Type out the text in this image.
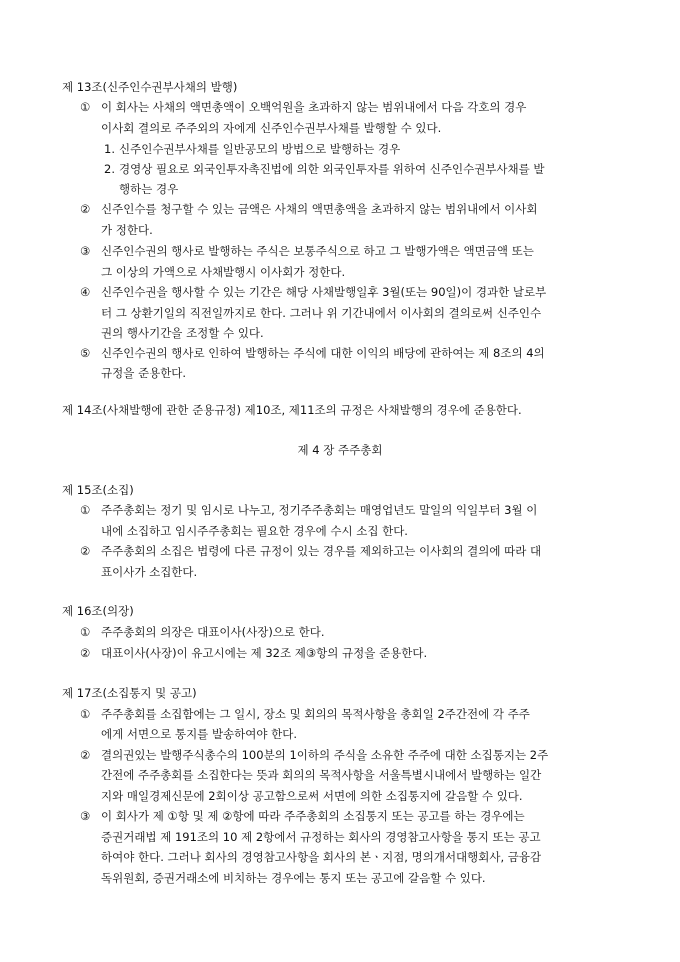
제 13조(신주인수권부사채의 발행)
① 이 회사는 사채의 액면총액이 오백억원을 초과하지 않는 범위내에서 다음 각호의 경우
이사회 결의로 주주외의 자에게 신주인수권부사채를 발행할 수 있다.
1. 신주인수권부사채를 일반공모의 방법으로 발행하는 경우
2. 경영상 필요로 외국인투자촉진법에 의한 외국인투자를 위하여 신주인수권부사채를 발
행하는 경우
② 신주인수를 청구할 수 있는 금액은 사채의 액면총액을 초과하지 않는 범위내에서 이사회
가 정한다.
③ 신주인수권의 행사로 발행하는 주식은 보통주식으로 하고 그 발행가액은 액면금액 또는
그 이상의 가액으로 사채발행시 이사회가 정한다.
④ 신주인수권을 행사할 수 있는 기간은 해당 사채발행일후 3월(또는 90일)이 경과한 날로부
터 그 상환기일의 직전일까지로 한다. 그러나 위 기간내에서 이사회의 결의로써 신주인수
권의 행사기간을 조정할 수 있다.
⑤ 신주인수권의 행사로 인하여 발행하는 주식에 대한 이익의 배당에 관하여는 제 8조의 4의
규정을 준용한다.
제 14조(사채발행에 관한 준용규정) 제10조, 제11조의 규정은 사채발행의 경우에 준용한다.
제 4 장 주주총회
제 15조(소집)
① 주주총회는 정기 및 임시로 나누고, 정기주주총회는 매영업년도 말일의 익일부터 3월 이
내에 소집하고 임시주주총회는 필요한 경우에 수시 소집 한다.
② 주주총회의 소집은 법령에 다른 규정이 있는 경우를 제외하고는 이사회의 결의에 따라 대
표이사가 소집한다.
제 16조(의장)
① 주주총회의 의장은 대표이사(사장)으로 한다.
② 대표이사(사장)이 유고시에는 제 32조 제③항의 규정을 준용한다.
제 17조(소집통지 및 공고)
① 주주총회를 소집함에는 그 일시, 장소 및 회의의 목적사항을 총회일 2주간전에 각 주주
에게 서면으로 통지를 발송하여야 한다.
② 결의권있는 발행주식총수의 100분의 1이하의 주식을 소유한 주주에 대한 소집통지는 2주
간전에 주주총회를 소집한다는 뜻과 회의의 목적사항을 서울특별시내에서 발행하는 일간
지와 매일경제신문에 2회이상 공고함으로써 서면에 의한 소집통지에 갈음할 수 있다.
③ 이 회사가 제 ①항 및 제 ②항에 따라 주주총회의 소집통지 또는 공고를 하는 경우에는
증권거래법 제 191조의 10 제 2항에서 규정하는 회사의 경영참고사항을 통지 또는 공고
하여야 한다. 그러나 회사의 경영참고사항을 회사의 본ㆍ지점, 명의개서대행회사, 금융감
독위원회, 증권거래소에 비치하는 경우에는 통지 또는 공고에 갈음할 수 있다.
